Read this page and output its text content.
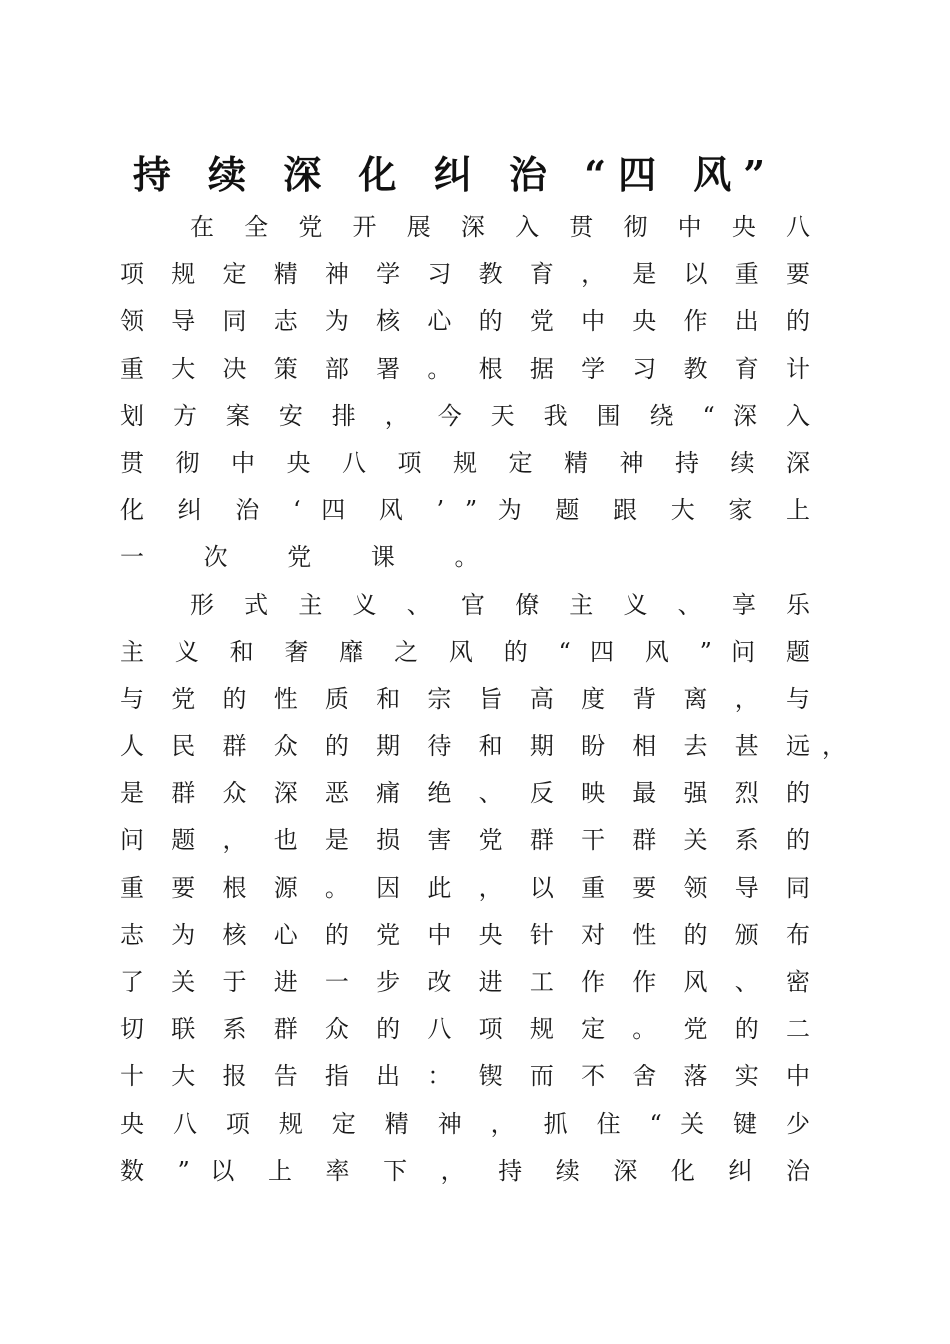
持 续 深 化 纠 治 “四 风”
在 全 党 开 展 深 入 贯 彻 中 央 八
项 规 定 精 神 学 习 教 育 ， 是 以 重 要
领 导 同 志 为 核 心 的 党 中 央 作 出 的
重 大 决 策 部 署 。 根 据 学 习 教 育 计
划 方 案 安 排 ， 今 天 我 围 绕 “ 深 入
贯 彻 中 央 八 项 规 定 精 神 持 续 深
化 纠 治 ‘ 四 风 ’ ” 为 题 跟 大 家 上
一 次 党 课 。
形 式 主 义 、 官 僚 主 义 、 享 乐
主 义 和 奢 靡 之 风 的 “ 四 风 ” 问 题
与 党 的 性 质 和 宗 旨 高 度 背 离 ， 与
人 民 群 众 的 期 待 和 期 盼 相 去 甚 远 ，
是 群 众 深 恶 痛 绝 、 反 映 最 强 烈 的
问 题 ， 也 是 损 害 党 群 干 群 关 系 的
重 要 根 源 。 因 此 ， 以 重 要 领 导 同
志 为 核 心 的 党 中 央 针 对 性 的 颁 布
了 关 于 进 一 步 改 进 工 作 作 风 、 密
切 联 系 群 众 的 八 项 规 定 。 党 的 二
十 大 报 告 指 出 ： 锲 而 不 舍 落 实 中
央 八 项 规 定 精 神 ， 抓 住 “ 关 键 少
数 ” 以 上 率 下 ， 持 续 深 化 纠 治
